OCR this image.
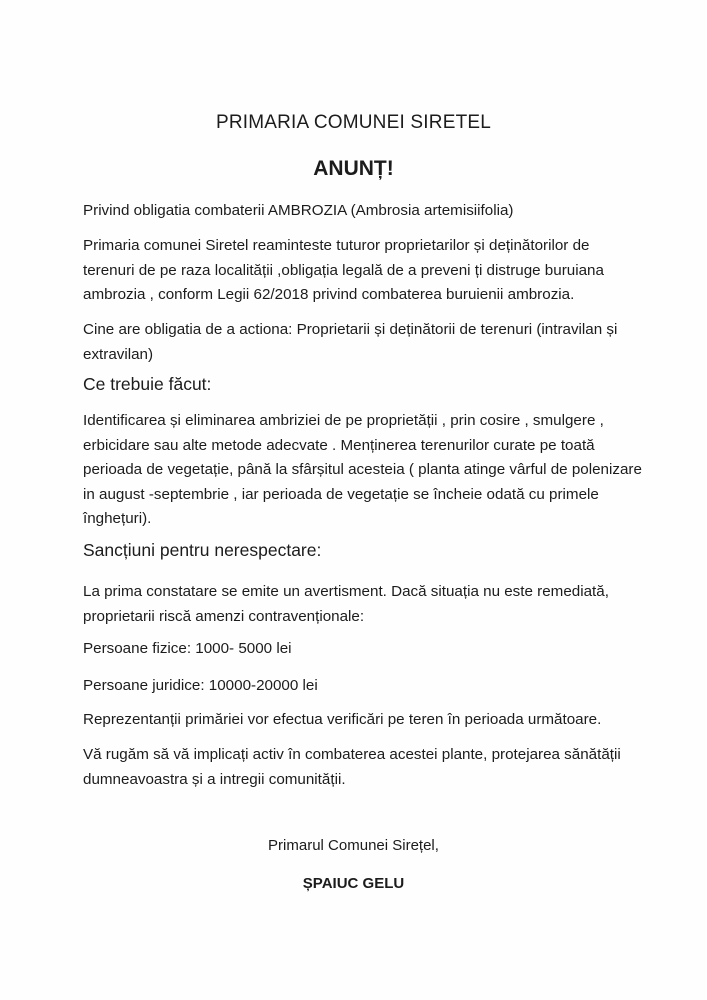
PRIMARIA COMUNEI SIRETEL
ANUNȚ!
Privind obligatia combaterii AMBROZIA (Ambrosia artemisiifolia)
Primaria comunei Siretel reaminteste tuturor proprietarilor și deținătorilor de terenuri de pe raza localității ,obligația legală de a preveni ți distruge buruiana ambrozia , conform Legii 62/2018 privind combaterea buruienii ambrozia.
Cine are obligatia de a actiona: Proprietarii și deținătorii de terenuri (intravilan și extravilan)
Ce trebuie făcut:
Identificarea și eliminarea ambriziei de pe proprietății , prin cosire , smulgere , erbicidare sau alte metode adecvate . Menținerea terenurilor curate pe toată perioada de vegetație, până la sfârșitul acesteia ( planta atinge vârful de polenizare in august -septembrie , iar perioada de vegetație se încheie odată cu primele înghețuri).
Sancțiuni pentru nerespectare:
La prima constatare se emite un avertisment. Dacă situația nu este remediată, proprietarii riscă amenzi contravenționale:
Persoane fizice: 1000- 5000 lei
Persoane juridice: 10000-20000 lei
Reprezentanții primăriei vor efectua verificări pe teren în perioada următoare.
Vă rugăm să vă implicați activ în combaterea acestei plante, protejarea sănătății dumneavoastra și a intregii comunității.
Primarul Comunei Sirețel,
ȘPAIUC GELU
